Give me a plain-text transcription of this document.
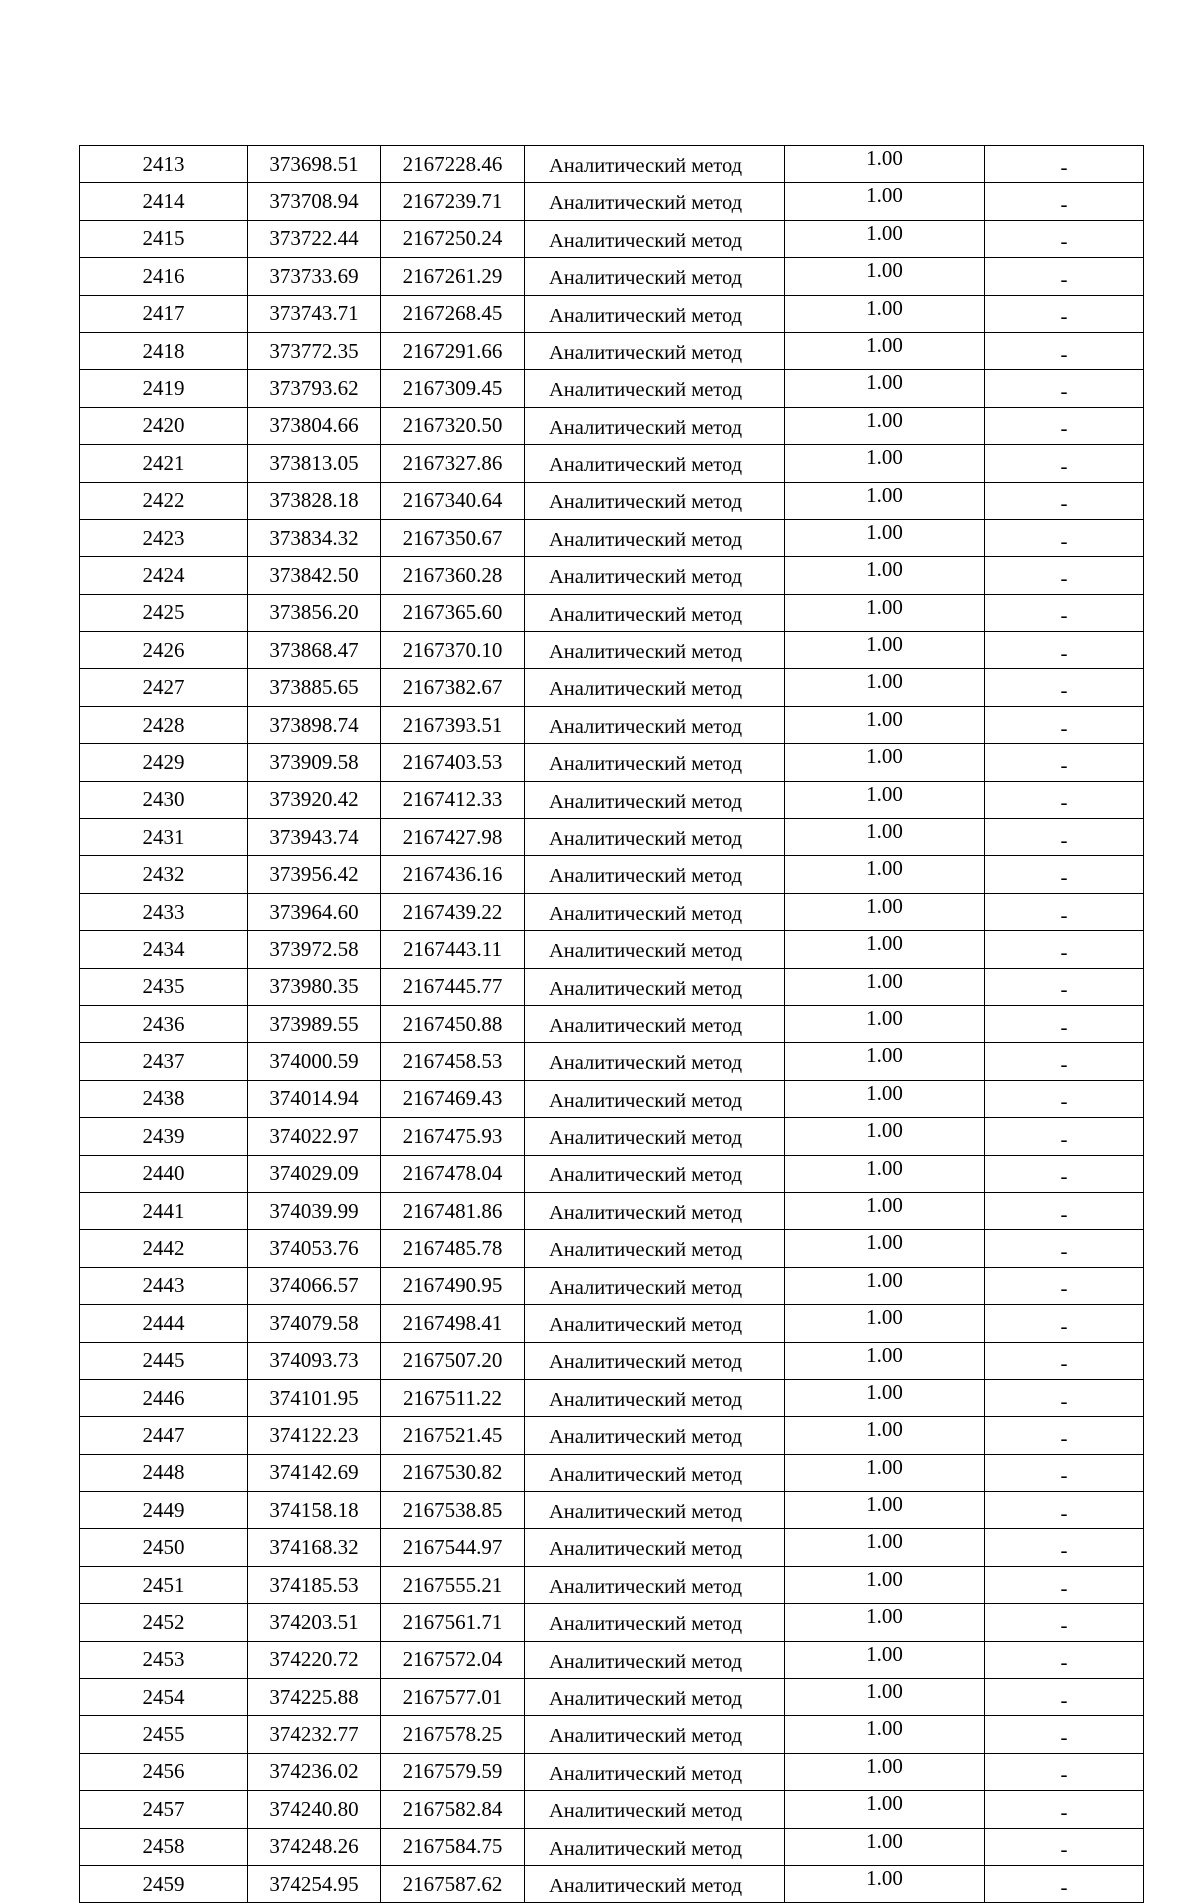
2413	373698.51	2167228.46	Аналитический метод	1.00	-
2414	373708.94	2167239.71	Аналитический метод	1.00	-
2415	373722.44	2167250.24	Аналитический метод	1.00	-
2416	373733.69	2167261.29	Аналитический метод	1.00	-
2417	373743.71	2167268.45	Аналитический метод	1.00	-
2418	373772.35	2167291.66	Аналитический метод	1.00	-
2419	373793.62	2167309.45	Аналитический метод	1.00	-
2420	373804.66	2167320.50	Аналитический метод	1.00	-
2421	373813.05	2167327.86	Аналитический метод	1.00	-
2422	373828.18	2167340.64	Аналитический метод	1.00	-
2423	373834.32	2167350.67	Аналитический метод	1.00	-
2424	373842.50	2167360.28	Аналитический метод	1.00	-
2425	373856.20	2167365.60	Аналитический метод	1.00	-
2426	373868.47	2167370.10	Аналитический метод	1.00	-
2427	373885.65	2167382.67	Аналитический метод	1.00	-
2428	373898.74	2167393.51	Аналитический метод	1.00	-
2429	373909.58	2167403.53	Аналитический метод	1.00	-
2430	373920.42	2167412.33	Аналитический метод	1.00	-
2431	373943.74	2167427.98	Аналитический метод	1.00	-
2432	373956.42	2167436.16	Аналитический метод	1.00	-
2433	373964.60	2167439.22	Аналитический метод	1.00	-
2434	373972.58	2167443.11	Аналитический метод	1.00	-
2435	373980.35	2167445.77	Аналитический метод	1.00	-
2436	373989.55	2167450.88	Аналитический метод	1.00	-
2437	374000.59	2167458.53	Аналитический метод	1.00	-
2438	374014.94	2167469.43	Аналитический метод	1.00	-
2439	374022.97	2167475.93	Аналитический метод	1.00	-
2440	374029.09	2167478.04	Аналитический метод	1.00	-
2441	374039.99	2167481.86	Аналитический метод	1.00	-
2442	374053.76	2167485.78	Аналитический метод	1.00	-
2443	374066.57	2167490.95	Аналитический метод	1.00	-
2444	374079.58	2167498.41	Аналитический метод	1.00	-
2445	374093.73	2167507.20	Аналитический метод	1.00	-
2446	374101.95	2167511.22	Аналитический метод	1.00	-
2447	374122.23	2167521.45	Аналитический метод	1.00	-
2448	374142.69	2167530.82	Аналитический метод	1.00	-
2449	374158.18	2167538.85	Аналитический метод	1.00	-
2450	374168.32	2167544.97	Аналитический метод	1.00	-
2451	374185.53	2167555.21	Аналитический метод	1.00	-
2452	374203.51	2167561.71	Аналитический метод	1.00	-
2453	374220.72	2167572.04	Аналитический метод	1.00	-
2454	374225.88	2167577.01	Аналитический метод	1.00	-
2455	374232.77	2167578.25	Аналитический метод	1.00	-
2456	374236.02	2167579.59	Аналитический метод	1.00	-
2457	374240.80	2167582.84	Аналитический метод	1.00	-
2458	374248.26	2167584.75	Аналитический метод	1.00	-
2459	374254.95	2167587.62	Аналитический метод	1.00	-
